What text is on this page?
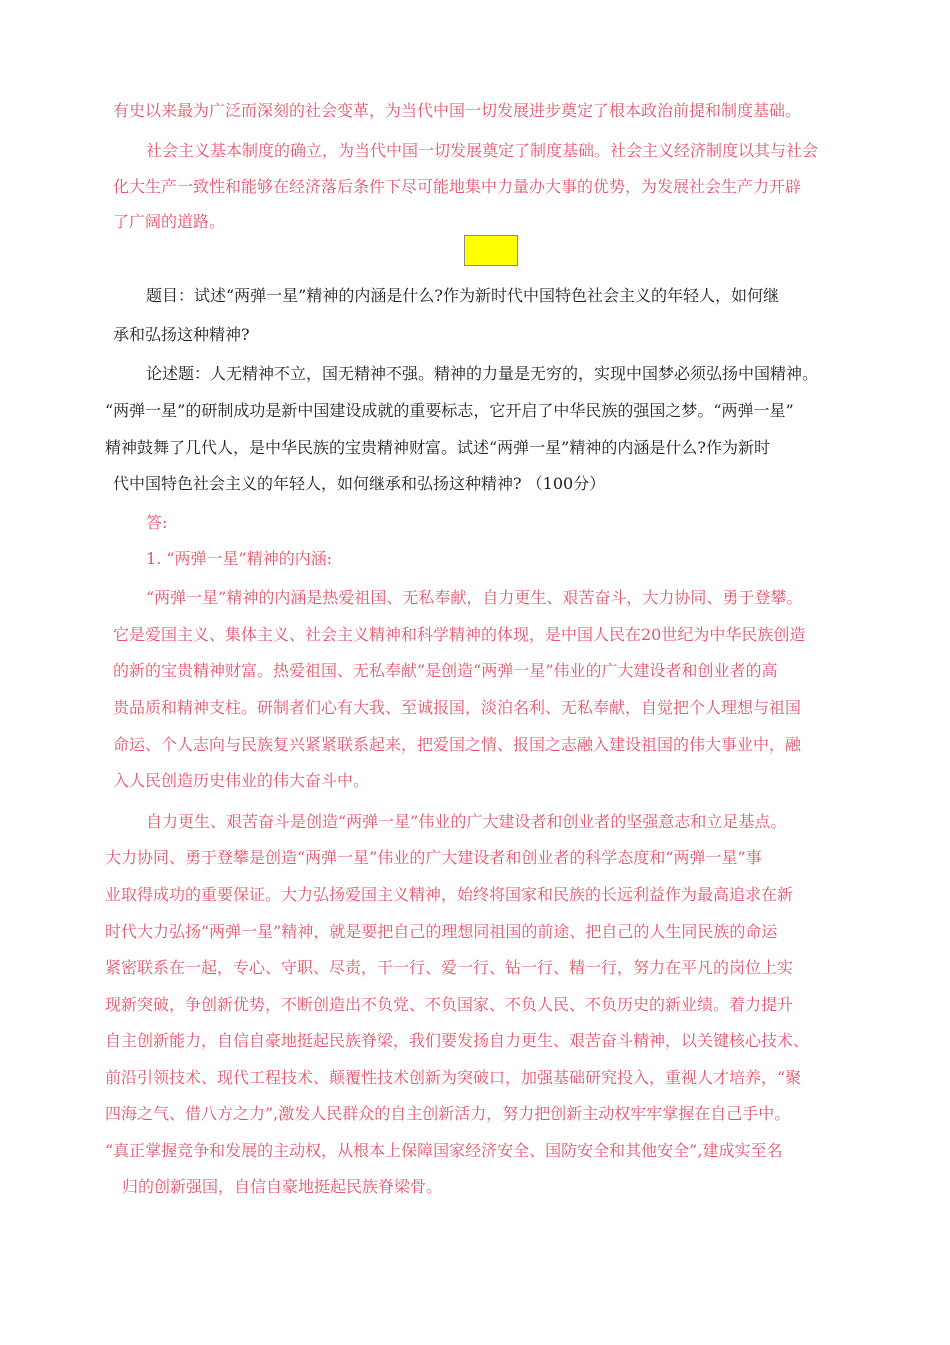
有史以来最为广泛而深刻的社会变革，为当代中国一切发展进步奠定了根本政治前提和制度基础。
社会主义基本制度的确立，为当代中国一切发展奠定了制度基础。社会主义经济制度以其与社会
化大生产一致性和能够在经济落后条件下尽可能地集中力量办大事的优势，为发展社会生产力开辟
了广阔的道路。
题目：试述“两弹一星”精神的内涵是什么?作为新时代中国特色社会主义的年轻人，如何继
承和弘扬这种精神?
论述题：人无精神不立，国无精神不强。精神的力量是无穷的，实现中国梦必须弘扬中国精神。
“两弹一星”的研制成功是新中国建设成就的重要标志，它开启了中华民族的强国之梦。“两弹一星”
精神鼓舞了几代人，是中华民族的宝贵精神财富。试述“两弹一星”精神的内涵是什么?作为新时
代中国特色社会主义的年轻人，如何继承和弘扬这种精神? （100分）
答:
1. “两弹一星”精神的内涵:
“两弹一星”精神的内涵是热爱祖国、无私奉献，自力更生、艰苦奋斗，大力协同、勇于登攀。
它是爱国主义、集体主义、社会主义精神和科学精神的体现，是中国人民在20世纪为中华民族创造
的新的宝贵精神财富。热爱祖国、无私奉献”是创造“两弹一星”伟业的广大建设者和创业者的高
贵品质和精神支柱。研制者们心有大我、至诚报国，淡泊名利、无私奉献，自觉把个人理想与祖国
命运、个人志向与民族复兴紧紧联系起来，把爱国之情、报国之志融入建设祖国的伟大事业中，融
入人民创造历史伟业的伟大奋斗中。
自力更生、艰苦奋斗是创造“两弹一星”伟业的广大建设者和创业者的坚强意志和立足基点。
大力协同、勇于登攀是创造“两弹一星”伟业的广大建设者和创业者的科学态度和“两弹一星”事
业取得成功的重要保证。大力弘扬爱国主义精神，始终将国家和民族的长远利益作为最高追求在新
时代大力弘扬“两弹一星”精神，就是要把自己的理想同祖国的前途、把自己的人生同民族的命运
紧密联系在一起，专心、守职、尽责，干一行、爱一行、钻一行、精一行，努力在平凡的岗位上实
现新突破，争创新优势，不断创造出不负党、不负国家、不负人民、不负历史的新业绩。着力提升
自主创新能力，自信自豪地挺起民族脊梁，我们要发扬自力更生、艰苦奋斗精神，以关键核心技术、
前沿引领技术、现代工程技术、颠覆性技术创新为突破口，加强基础研究投入，重视人才培养，“聚
四海之气、借八方之力”,激发人民群众的自主创新活力，努力把创新主动权牢牢掌握在自己手中。
“真正掌握竞争和发展的主动权，从根本上保障国家经济安全、国防安全和其他安全”,建成实至名
归的创新强国，自信自豪地挺起民族脊梁骨。
